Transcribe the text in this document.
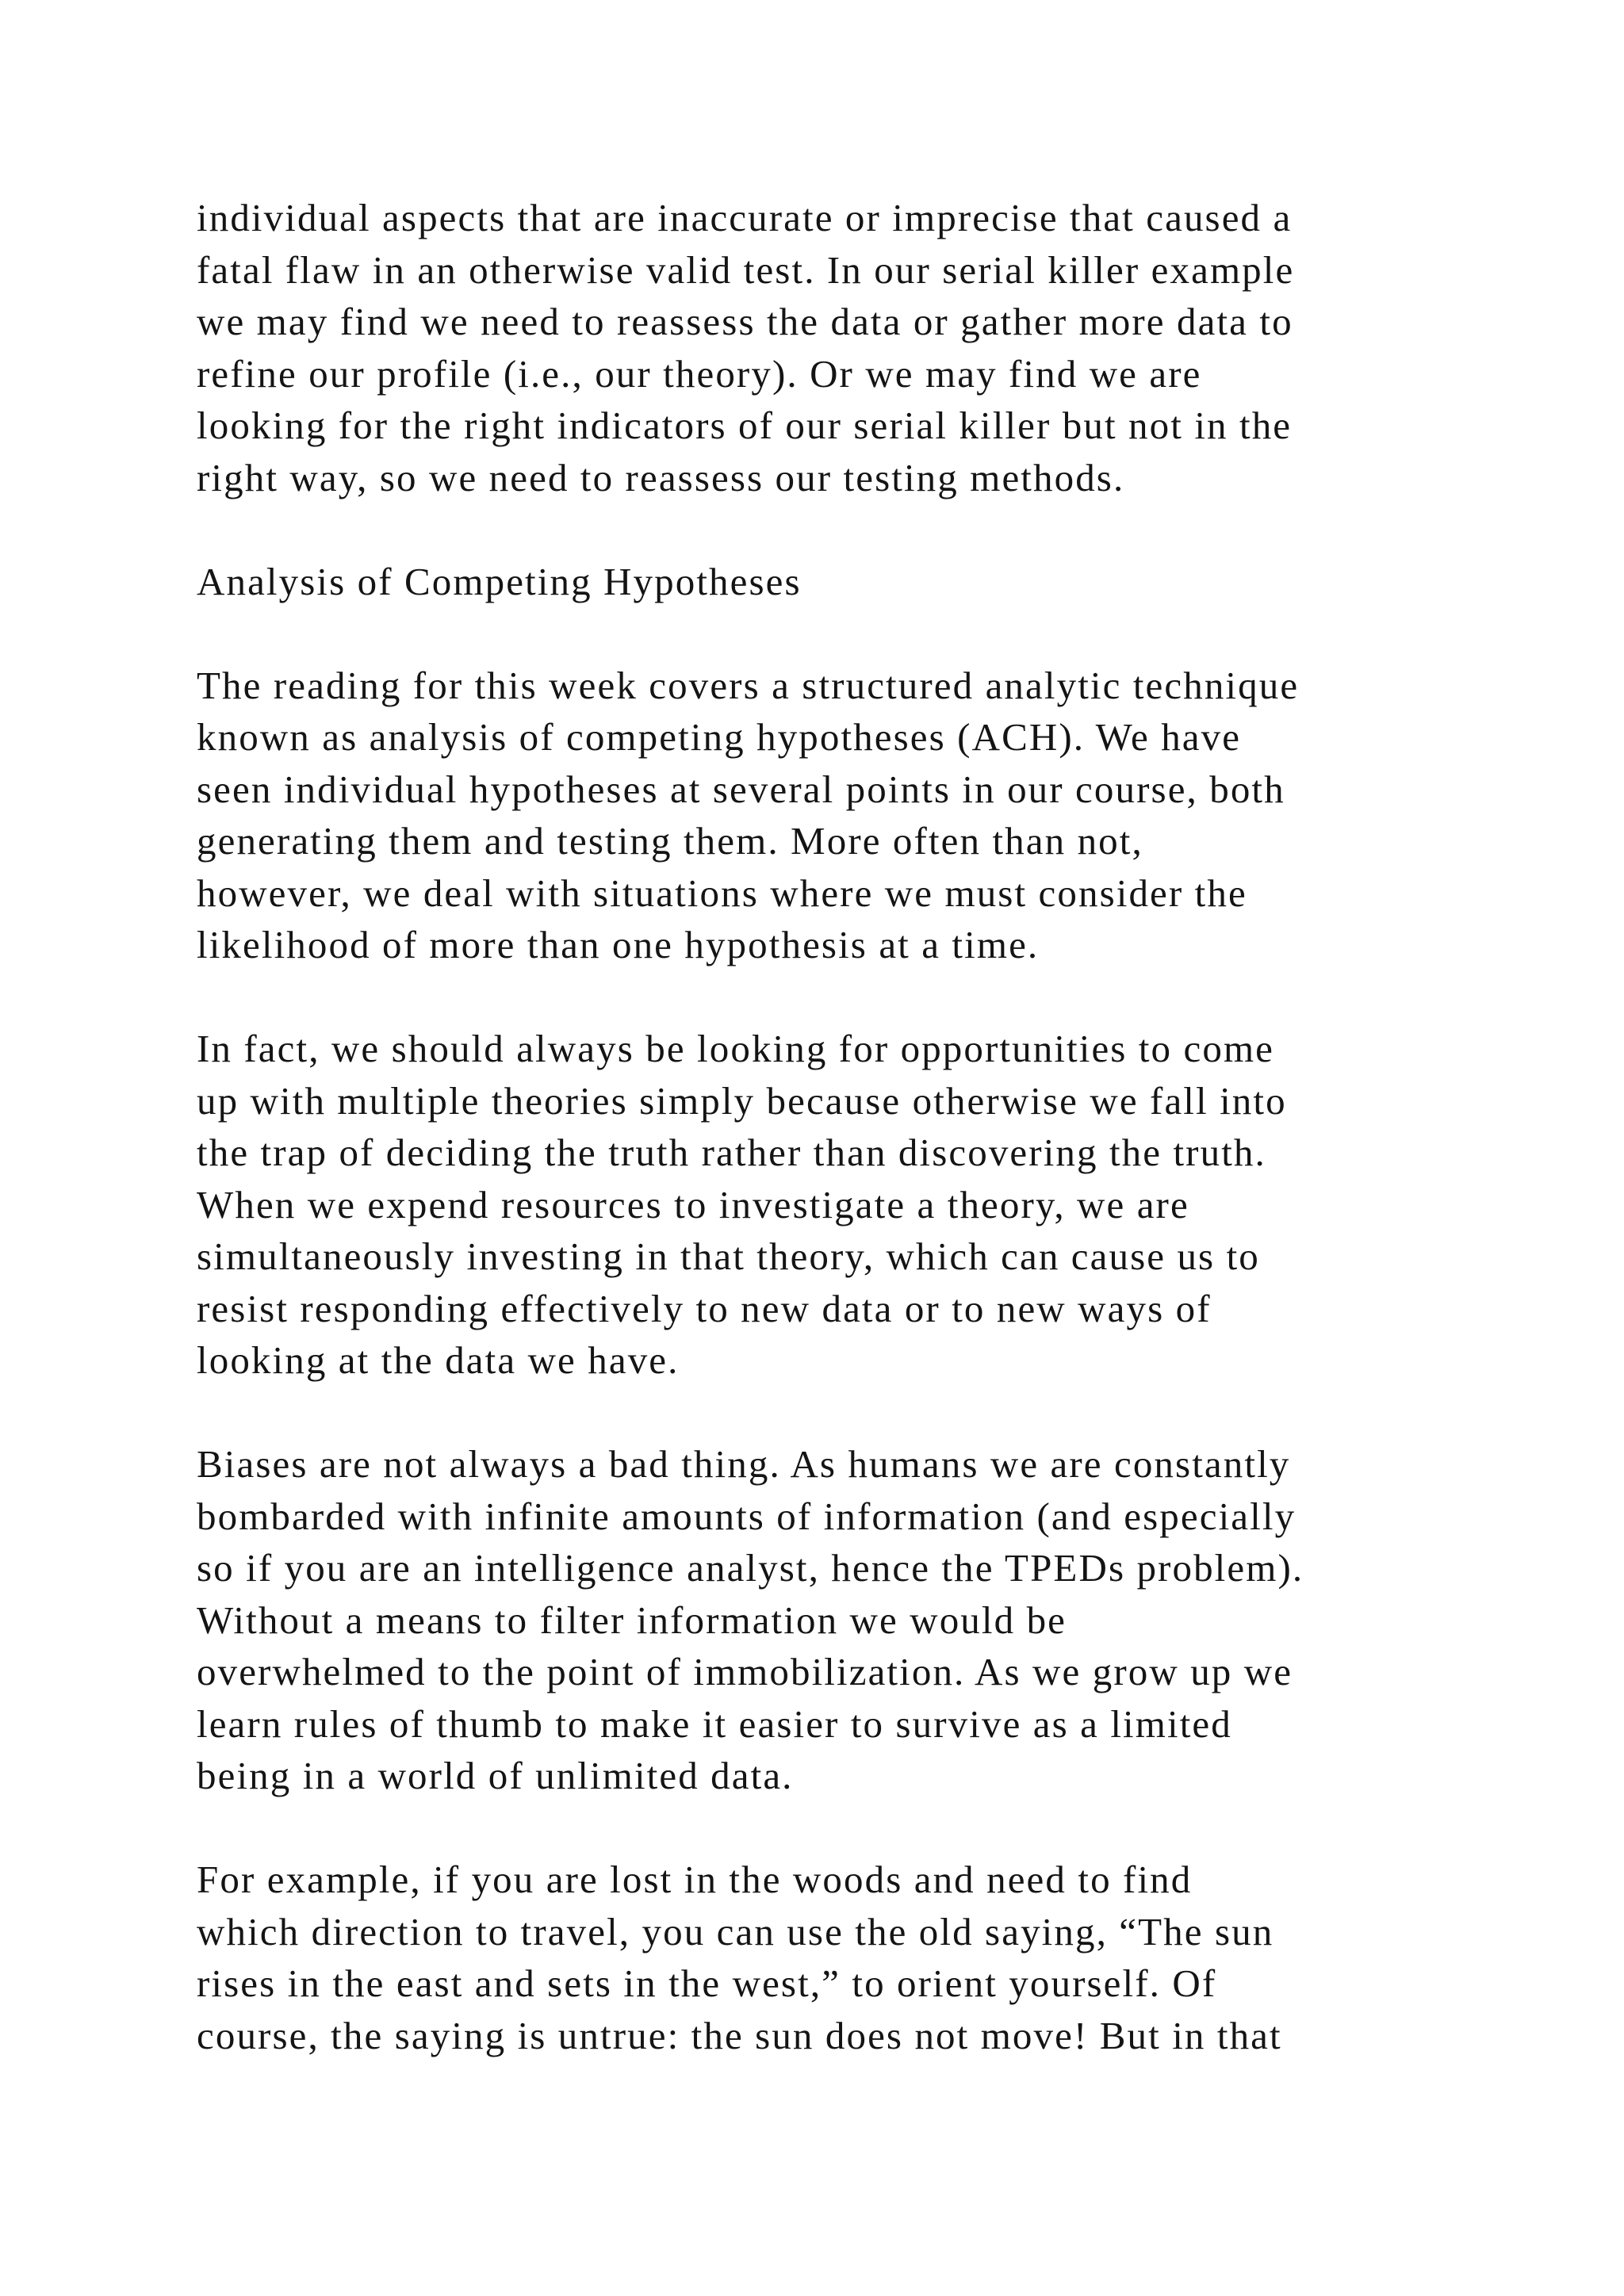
individual aspects that are inaccurate or imprecise that caused a
fatal flaw in an otherwise valid test. In our serial killer example
we may find we need to reassess the data or gather more data to
refine our profile (i.e., our theory). Or we may find we are
looking for the right indicators of our serial killer but not in the
right way, so we need to reassess our testing methods.

Analysis of Competing Hypotheses

The reading for this week covers a structured analytic technique
known as analysis of competing hypotheses (ACH). We have
seen individual hypotheses at several points in our course, both
generating them and testing them. More often than not,
however, we deal with situations where we must consider the
likelihood of more than one hypothesis at a time.

In fact, we should always be looking for opportunities to come
up with multiple theories simply because otherwise we fall into
the trap of deciding the truth rather than discovering the truth.
When we expend resources to investigate a theory, we are
simultaneously investing in that theory, which can cause us to
resist responding effectively to new data or to new ways of
looking at the data we have.

Biases are not always a bad thing. As humans we are constantly
bombarded with infinite amounts of information (and especially
so if you are an intelligence analyst, hence the TPEDs problem).
Without a means to filter information we would be
overwhelmed to the point of immobilization. As we grow up we
learn rules of thumb to make it easier to survive as a limited
being in a world of unlimited data.

For example, if you are lost in the woods and need to find
which direction to travel, you can use the old saying, “The sun
rises in the east and sets in the west,” to orient yourself. Of
course, the saying is untrue: the sun does not move! But in that
